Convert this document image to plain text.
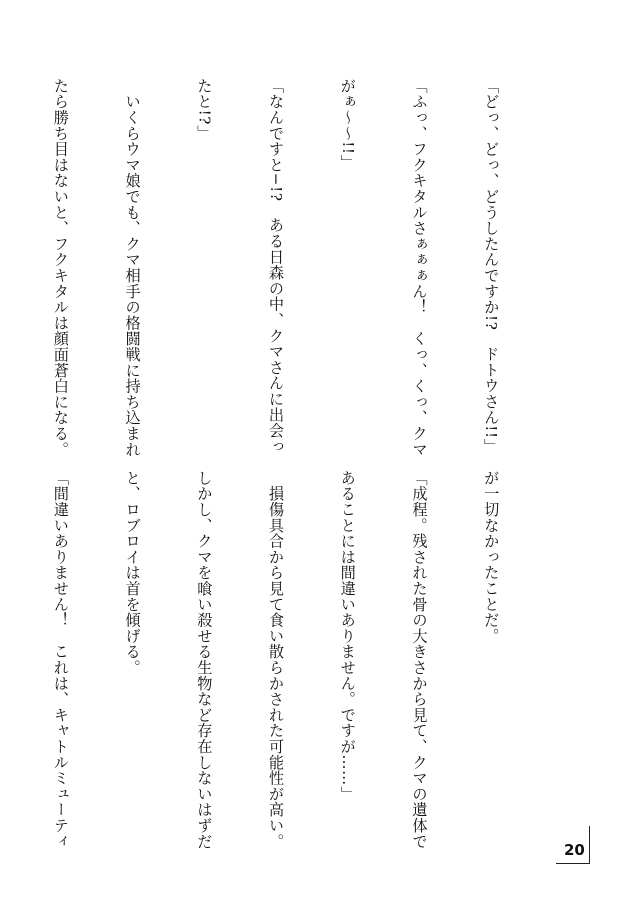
「どっ、どっ、どうしたんですか!?　ドトウさん!!」

「ふっ、フクキタルさぁぁぁん！　くっ、くっ、クマ

がぁ〜〜!!」

「なんですと−!?　ある日森の中、クマさんに出会っ

たと!?」

　いくらウマ娘でも、クマ相手の格闘戦に持ち込まれ

たら勝ち目はないと、フクキタルは顔面蒼白になる。

が一切なかったことだ。

「成程。残された骨の大きさから見て、クマの遺体で

あることには間違いありません。ですが……」

　損傷具合から見て食い散らかされた可能性が高い。

しかし、クマを喰い殺せる生物など存在しないはずだ

と、ロブロイは首を傾げる。

「間違いありません！　これは、キャトルミューティ

20
